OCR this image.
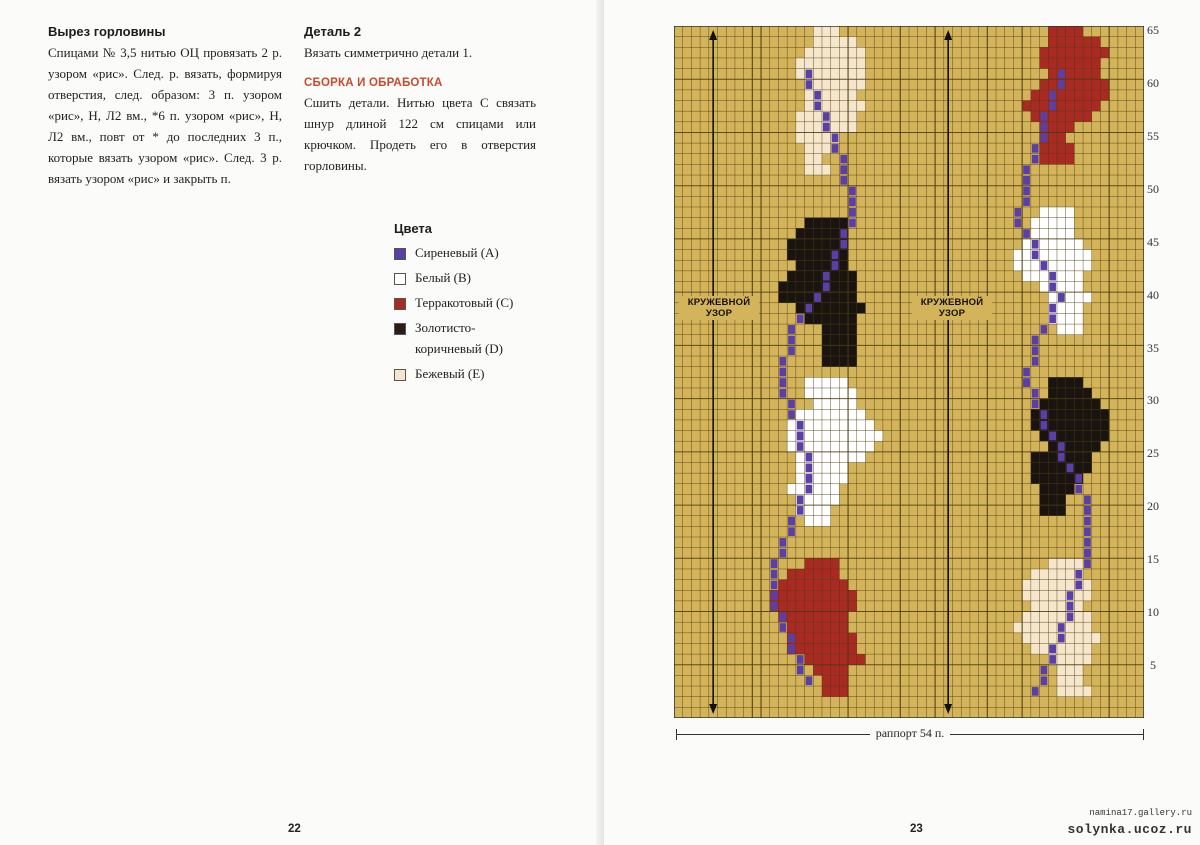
Вырез горловины

Спицами № 3,5 нитью ОЦ провязать 2 р. узором «рис». След. р. вязать, формируя отверстия, след. образом: 3 п. узором «рис», Н, Л2 вм., *6 п. узором «рис», Н, Л2 вм., повт от * до последних 3 п., которые вязать узором «рис». След. 3 р. вязать узором «рис» и закрыть п.

Деталь 2

Вязать симметрично детали 1.

СБОРКА И ОБРАБОТКА

Сшить детали. Нитью цвета С связать шнур длиной 122 см спицами или крючком. Продеть его в отверстия горловины.

Цвета
Сиреневый (А)
Белый (В)
Терракотовый (С)
Золотисто-коричневый (D)
Бежевый (Е)
22
КРУЖЕВНОЙ УЗОР
КРУЖЕВНОЙ УЗОР
65
60
55
50
45
40
35
30
25
20
15
10
5
раппорт 54 п.
23
namina17.gallery.ru
solynka.ucoz.ru
